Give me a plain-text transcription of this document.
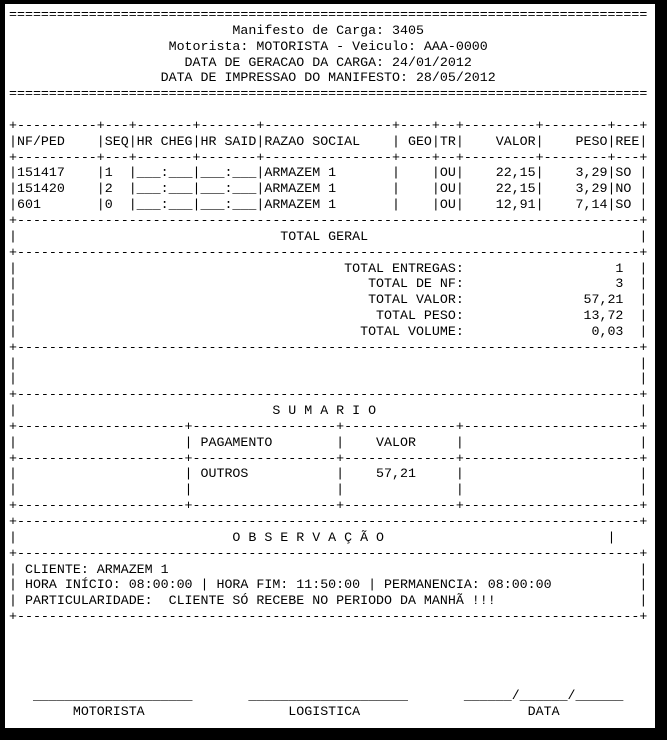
================================================================================
Manifesto de Carga: 3405
Motorista: MOTORISTA - Veiculo: AAA-0000
DATA DE GERACAO DA CARGA: 24/01/2012
DATA DE IMPRESSAO DO MANIFESTO: 28/05/2012
================================================================================

+----------+---+-------+-------+----------------+----+--+---------+--------+---+
|NF/PED    |SEQ|HR CHEG|HR SAID|RAZAO SOCIAL    | GEO|TR|    VALOR|    PESO|REE|
+----------+---+-------+-------+----------------+----+--+---------+--------+---+
|151417    |1  |___:___|___:___|ARMAZEM 1       |    |OU|    22,15|    3,29|SO |
|151420    |2  |___:___|___:___|ARMAZEM 1       |    |OU|    22,15|    3,29|NO |
|601       |0  |___:___|___:___|ARMAZEM 1       |    |OU|    12,91|    7,14|SO |
+------------------------------------------------------------------------------+
|                                 TOTAL GERAL                                  |
+------------------------------------------------------------------------------+
|                                         TOTAL ENTREGAS:                   1  |
|                                            TOTAL DE NF:                   3  |
|                                            TOTAL VALOR:               57,21  |
|                                             TOTAL PESO:               13,72  |
|                                           TOTAL VOLUME:                0,03  |
+------------------------------------------------------------------------------+
|                                                                              |
|                                                                              |
+------------------------------------------------------------------------------+
|                                S U M A R I O                                 |
+---------------------+------------------+--------------+----------------------+
|                     | PAGAMENTO        |    VALOR     |                      |
+---------------------+------------------+--------------+----------------------+
|                     | OUTROS           |    57,21     |                      |
|                     |                  |              |                      |
+---------------------+------------------+--------------+----------------------+
+------------------------------------------------------------------------------+
|                           O B S E R V A Ç Ã O                            |
+------------------------------------------------------------------------------+
| CLIENTE: ARMAZEM 1                                                           |
| HORA INÍCIO: 08:00:00 | HORA FIM: 11:50:00 | PERMANENCIA: 08:00:00           |
| PARTICULARIDADE:  CLIENTE SÓ RECEBE NO PERIODO DA MANHÃ !!!                  |
+------------------------------------------------------------------------------+

____________________       ____________________       ______/______/______
MOTORISTA                  LOGISTICA                     DATA
